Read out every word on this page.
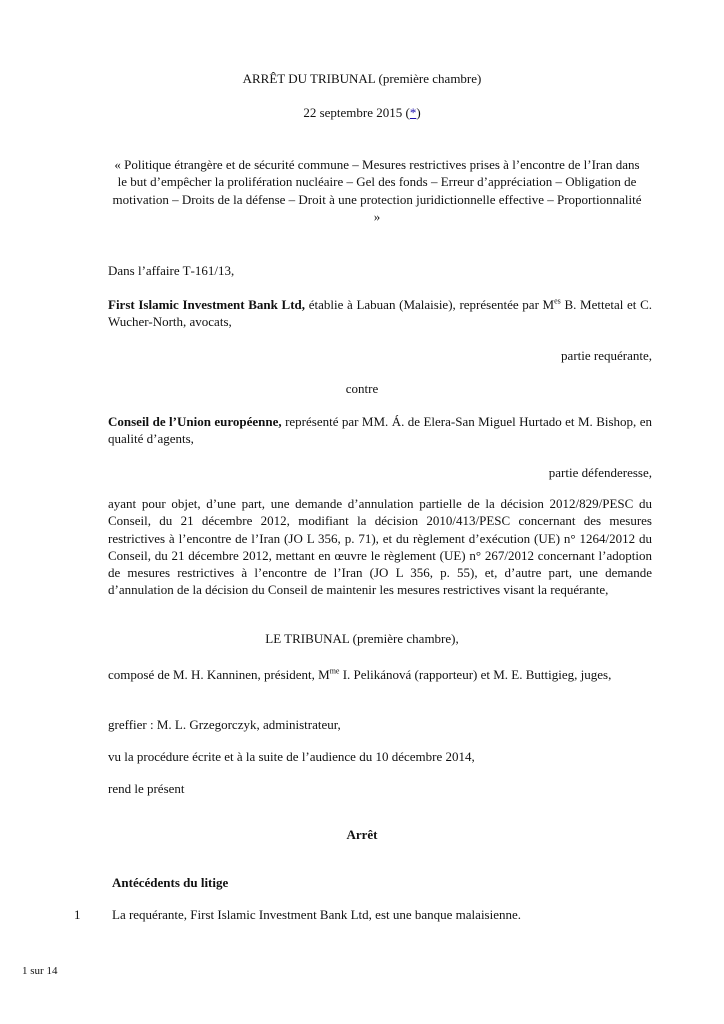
ARRÊT DU TRIBUNAL (première chambre)
22 septembre 2015 (*)
« Politique étrangère et de sécurité commune – Mesures restrictives prises à l’encontre de l’Iran dans le but d’empêcher la prolifération nucléaire – Gel des fonds – Erreur d’appréciation – Obligation de motivation – Droits de la défense – Droit à une protection juridictionnelle effective – Proportionnalité »
Dans l’affaire T‑161/13,
First Islamic Investment Bank Ltd, établie à Labuan (Malaisie), représentée par $M^{es}$ B. Mettetal et C. Wucher-North, avocats,
partie requérante,
contre
Conseil de l’Union européenne, représenté par MM. Á. de Elera-San Miguel Hurtado et M. Bishop, en qualité d’agents,
partie défenderesse,
ayant pour objet, d’une part, une demande d’annulation partielle de la décision 2012/829/PESC du Conseil, du 21 décembre 2012, modifiant la décision 2010/413/PESC concernant des mesures restrictives à l’encontre de l’Iran (JO L 356, p. 71), et du règlement d’exécution (UE) n° 1264/2012 du Conseil, du 21 décembre 2012, mettant en œuvre le règlement (UE) n° 267/2012 concernant l’adoption de mesures restrictives à l’encontre de l’Iran (JO L 356, p. 55), et, d’autre part, une demande d’annulation de la décision du Conseil de maintenir les mesures restrictives visant la requérante,
LE TRIBUNAL (première chambre),
composé de M. H. Kanninen, président, $M^{me}$ I. Pelikánová (rapporteur) et M. E. Buttigieg, juges,
greffier : M. L. Grzegorczyk, administrateur,
vu la procédure écrite et à la suite de l’audience du 10 décembre 2014,
rend le présent
Arrêt
Antécédents du litige
1 La requérante, First Islamic Investment Bank Ltd, est une banque malaisienne.
1 sur 14
